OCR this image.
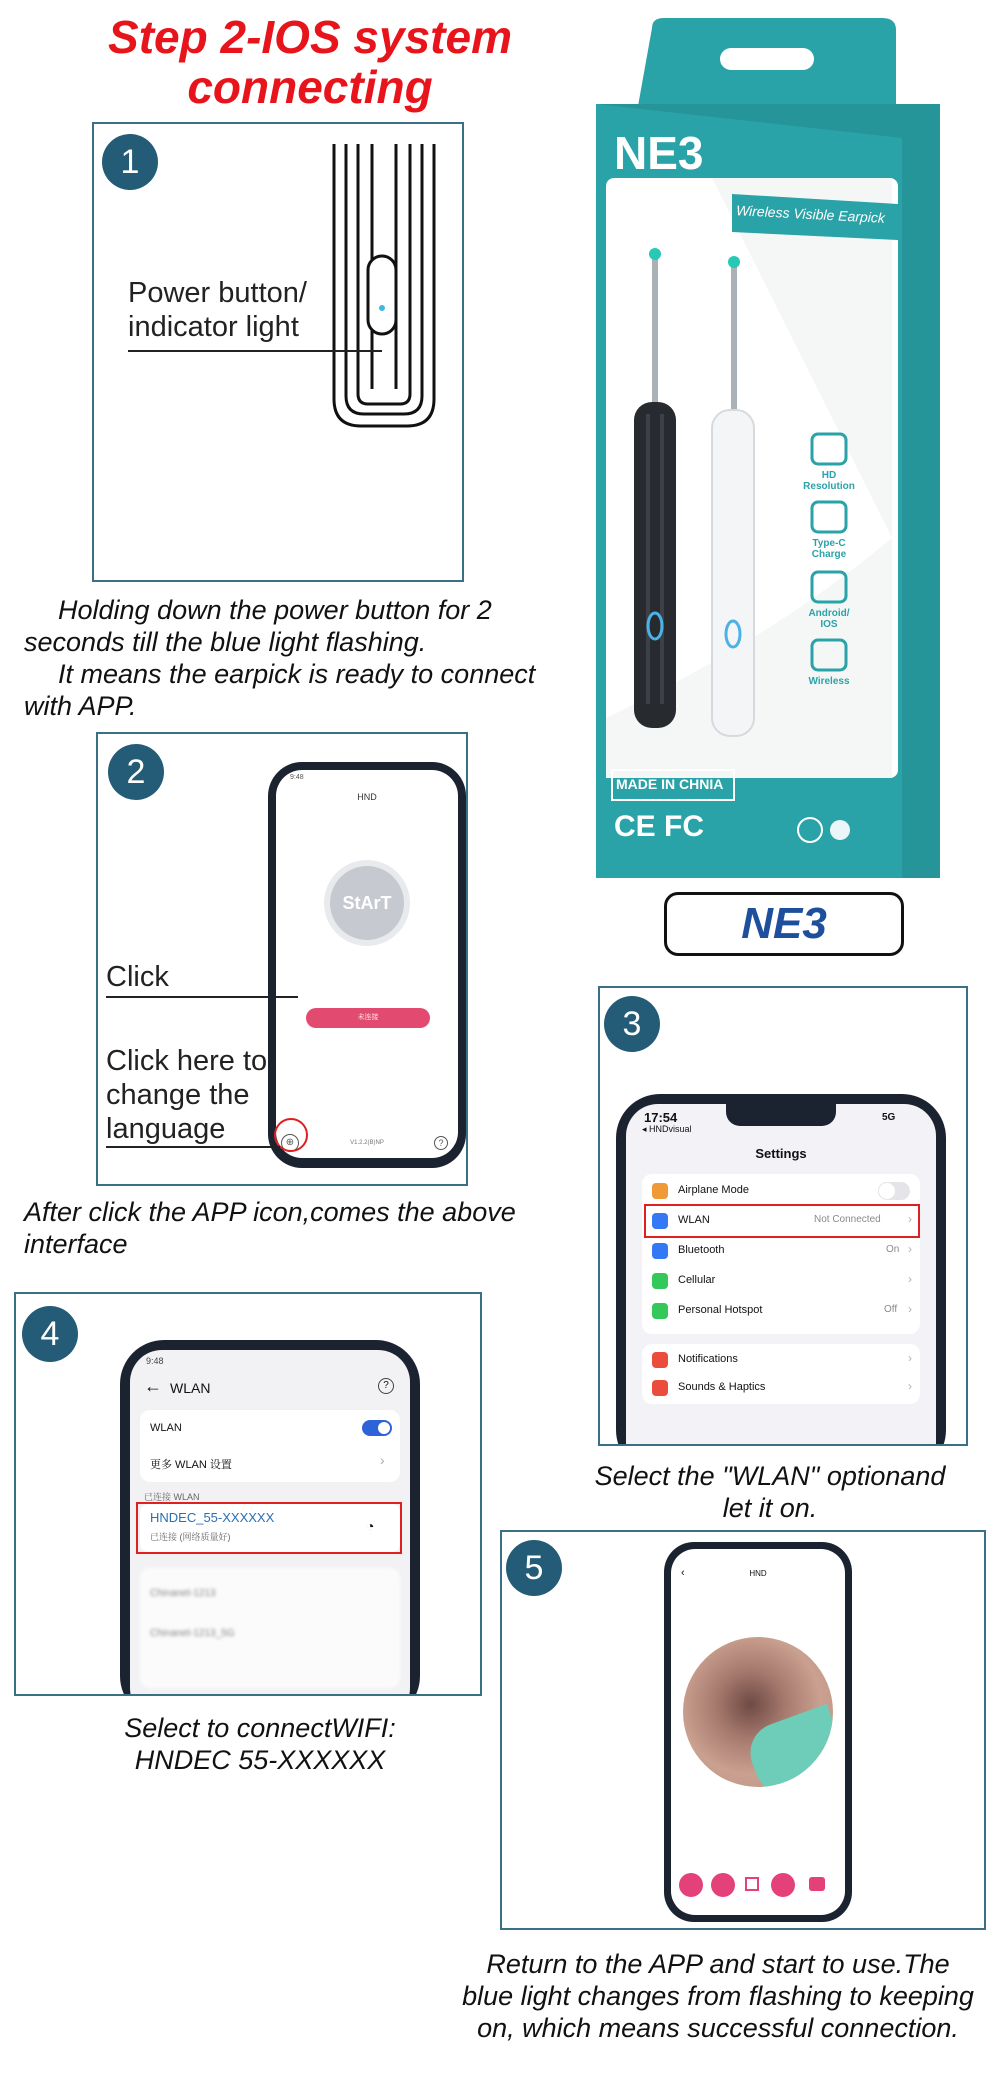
Step 2-IOS system
connecting
1
Power button/
indicator light
Holding down the power button for 2
seconds till the blue light flashing.
It means the earpick is ready to connect
with APP.
2	9:48
HND
StArT
未连接
⊕	V1.2.2(B)NP	?
Click
Click here to
change the
language
After click the APP icon,comes the above
interface
NE3
Wireless Visible Earpick
HD Resolution
Type-C Charge
Android/ IOS
Wireless
MADE IN CHNIA
CE FC
NE3
3
17:54
◂ HNDvisual
5G
Settings
Airplane Mode
WLAN	Not Connected ›
Bluetooth	On ›
Cellular	›
Personal Hotspot	Off ›
Notifications	›
Sounds & Haptics	›
Select the "WLAN" optionand
let it on.
4
9:48
← WLAN	?
WLAN
更多 WLAN 设置	›
已连接 WLAN
HNDEC_55-XXXXXX
已连接 (网络质量好)
◔
Chinanet-1213
Chinanet-1213_5G
Select to connectWIFI:
HNDEC 55-XXXXXX
5	‹	HND
Return to the APP and start to use.The
blue light changes from flashing to keeping
on, which means successful connection.
